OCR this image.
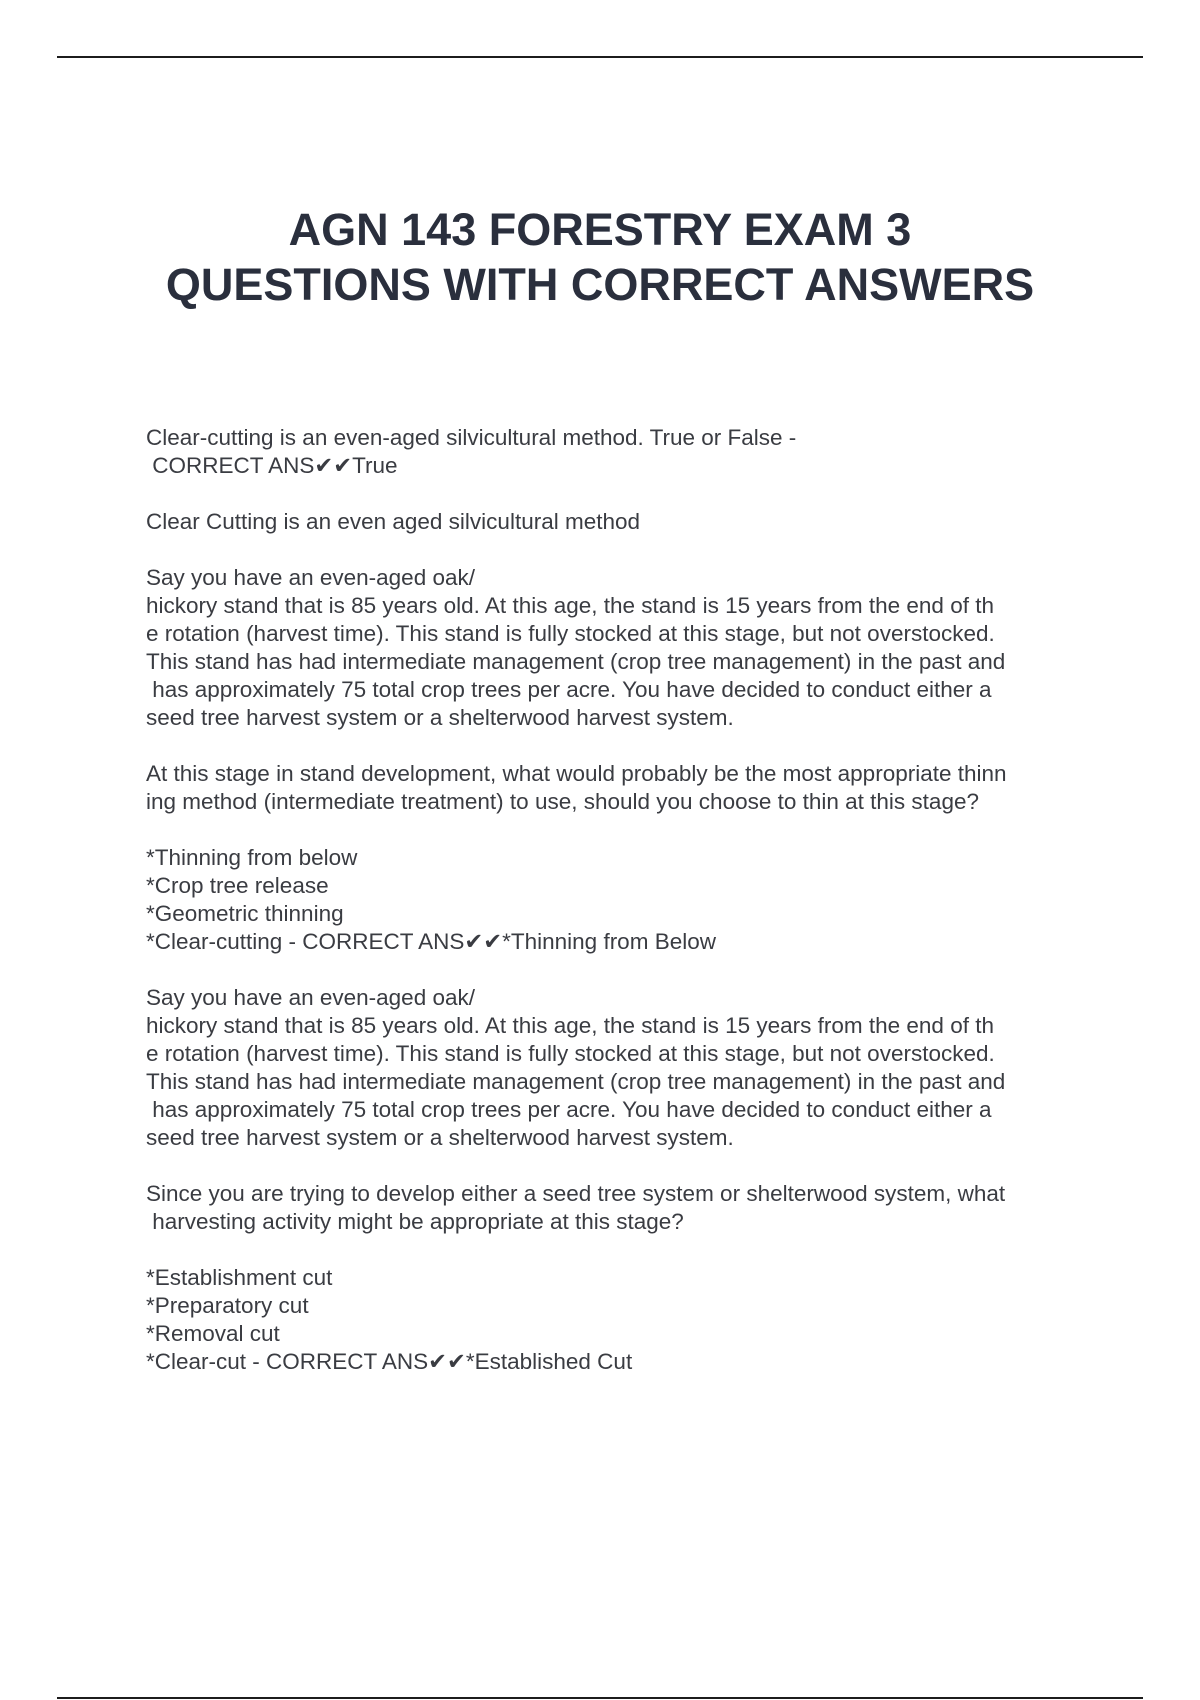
AGN 143 FORESTRY EXAM 3
QUESTIONS WITH CORRECT ANSWERS
Clear-cutting is an even-aged silvicultural method. True or False -
CORRECT ANS✔✔True
Clear Cutting is an even aged silvicultural method
Say you have an even-aged oak/
hickory stand that is 85 years old. At this age, the stand is 15 years from the end of th
e rotation (harvest time). This stand is fully stocked at this stage, but not overstocked.
This stand has had intermediate management (crop tree management) in the past and
has approximately 75 total crop trees per acre. You have decided to conduct either a
seed tree harvest system or a shelterwood harvest system.
At this stage in stand development, what would probably be the most appropriate thinn
ing method (intermediate treatment) to use, should you choose to thin at this stage?
*Thinning from below
*Crop tree release
*Geometric thinning
*Clear-cutting - CORRECT ANS✔✔*Thinning from Below
Say you have an even-aged oak/
hickory stand that is 85 years old. At this age, the stand is 15 years from the end of th
e rotation (harvest time). This stand is fully stocked at this stage, but not overstocked.
This stand has had intermediate management (crop tree management) in the past and
has approximately 75 total crop trees per acre. You have decided to conduct either a
seed tree harvest system or a shelterwood harvest system.
Since you are trying to develop either a seed tree system or shelterwood system, what
harvesting activity might be appropriate at this stage?
*Establishment cut
*Preparatory cut
*Removal cut
*Clear-cut - CORRECT ANS✔✔*Established Cut
